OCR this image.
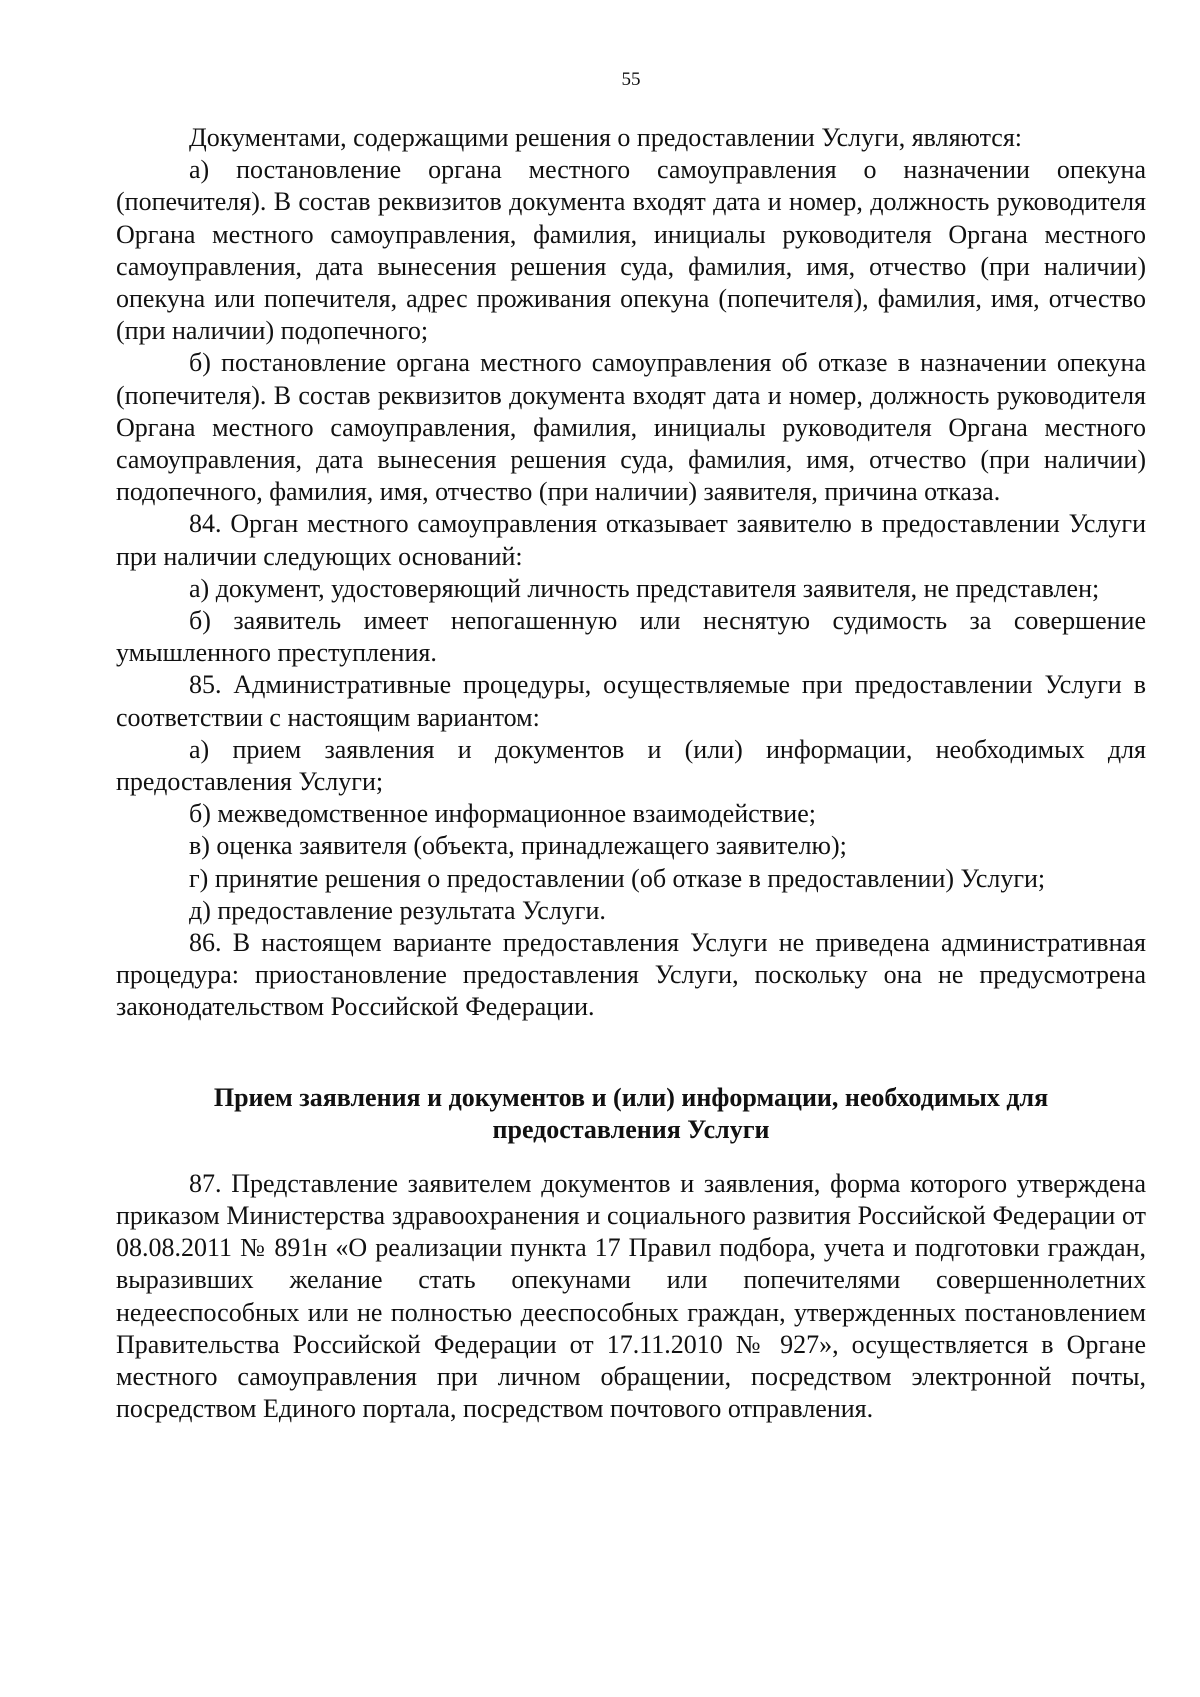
55

Документами, содержащими решения о предоставлении Услуги, являются:

а) постановление органа местного самоуправления о назначении опекуна (попечителя). В состав реквизитов документа входят дата и номер, должность руководителя Органа местного самоуправления, фамилия, инициалы руководителя Органа местного самоуправления, дата вынесения решения суда, фамилия, имя, отчество (при наличии) опекуна или попечителя, адрес проживания опекуна (попечителя), фамилия, имя, отчество (при наличии) подопечного;

б) постановление органа местного самоуправления об отказе в назначении опекуна (попечителя). В состав реквизитов документа входят дата и номер, должность руководителя Органа местного самоуправления, фамилия, инициалы руководителя Органа местного самоуправления, дата вынесения решения суда, фамилия, имя, отчество (при наличии) подопечного, фамилия, имя, отчество (при наличии) заявителя, причина отказа.

84. Орган местного самоуправления отказывает заявителю в предоставлении Услуги при наличии следующих оснований:

а) документ, удостоверяющий личность представителя заявителя, не представлен;

б) заявитель имеет непогашенную или неснятую судимость за совершение умышленного преступления.

85. Административные процедуры, осуществляемые при предоставлении Услуги в соответствии с настоящим вариантом:

а) прием заявления и документов и (или) информации, необходимых для предоставления Услуги;

б) межведомственное информационное взаимодействие;

в) оценка заявителя (объекта, принадлежащего заявителю);

г) принятие решения о предоставлении (об отказе в предоставлении) Услуги;

д) предоставление результата Услуги.

86. В настоящем варианте предоставления Услуги не приведена административная процедура: приостановление предоставления Услуги, поскольку она не предусмотрена законодательством Российской Федерации.

Прием заявления и документов и (или) информации, необходимых для
предоставления Услуги

87. Представление заявителем документов и заявления, форма которого утверждена приказом Министерства здравоохранения и социального развития Российской Федерации от 08.08.2011 № 891н «О реализации пункта 17 Правил подбора, учета и подготовки граждан, выразивших желание стать опекунами или попечителями совершеннолетних недееспособных или не полностью дееспособных граждан, утвержденных постановлением Правительства Российской Федерации от 17.11.2010 № 927», осуществляется в Органе местного самоуправления при личном обращении, посредством электронной почты, посредством Единого портала, посредством почтового отправления.
